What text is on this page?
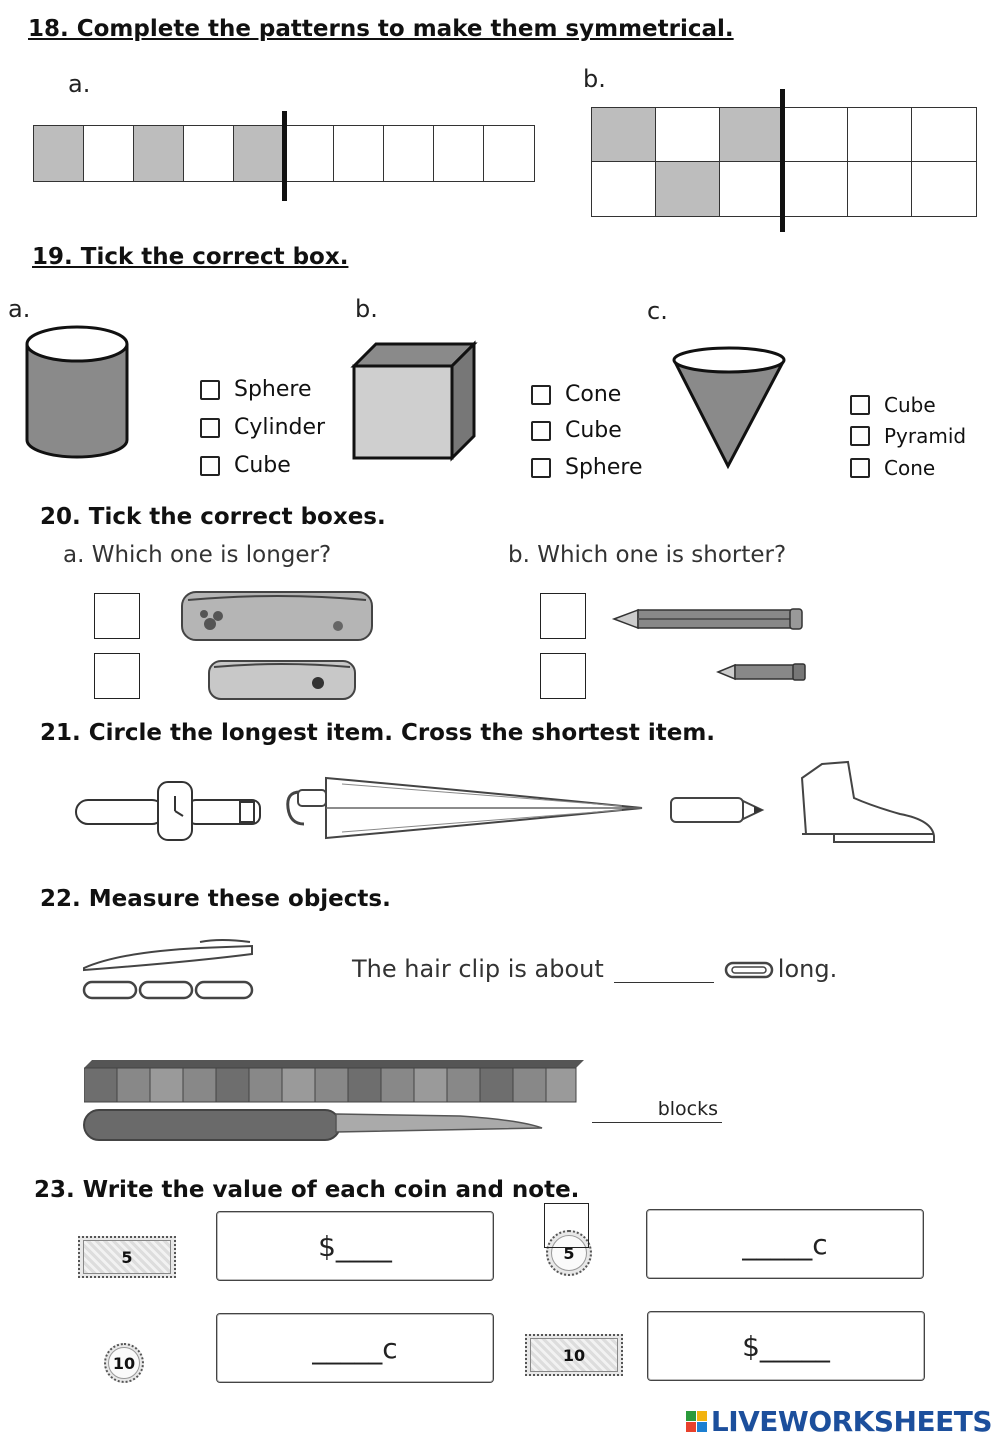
18. Complete the patterns to make them symmetrical.
a.	b.
19. Tick the correct box.
a.	b.	c.
Sphere
Cylinder
Cube
Cone
Cube
Sphere
Cube
Pyramid
Cone
20. Tick the correct boxes.
a. Which one is longer?	b. Which one is shorter?
21. Circle the longest item. Cross the shortest item.
22. Measure these objects.
The hair clip is about	long.
blocks
23. Write the value of each coin and note.
5	$____	5	_____c
10	_____c	10	$_____
LIVEWORKSHEETS
